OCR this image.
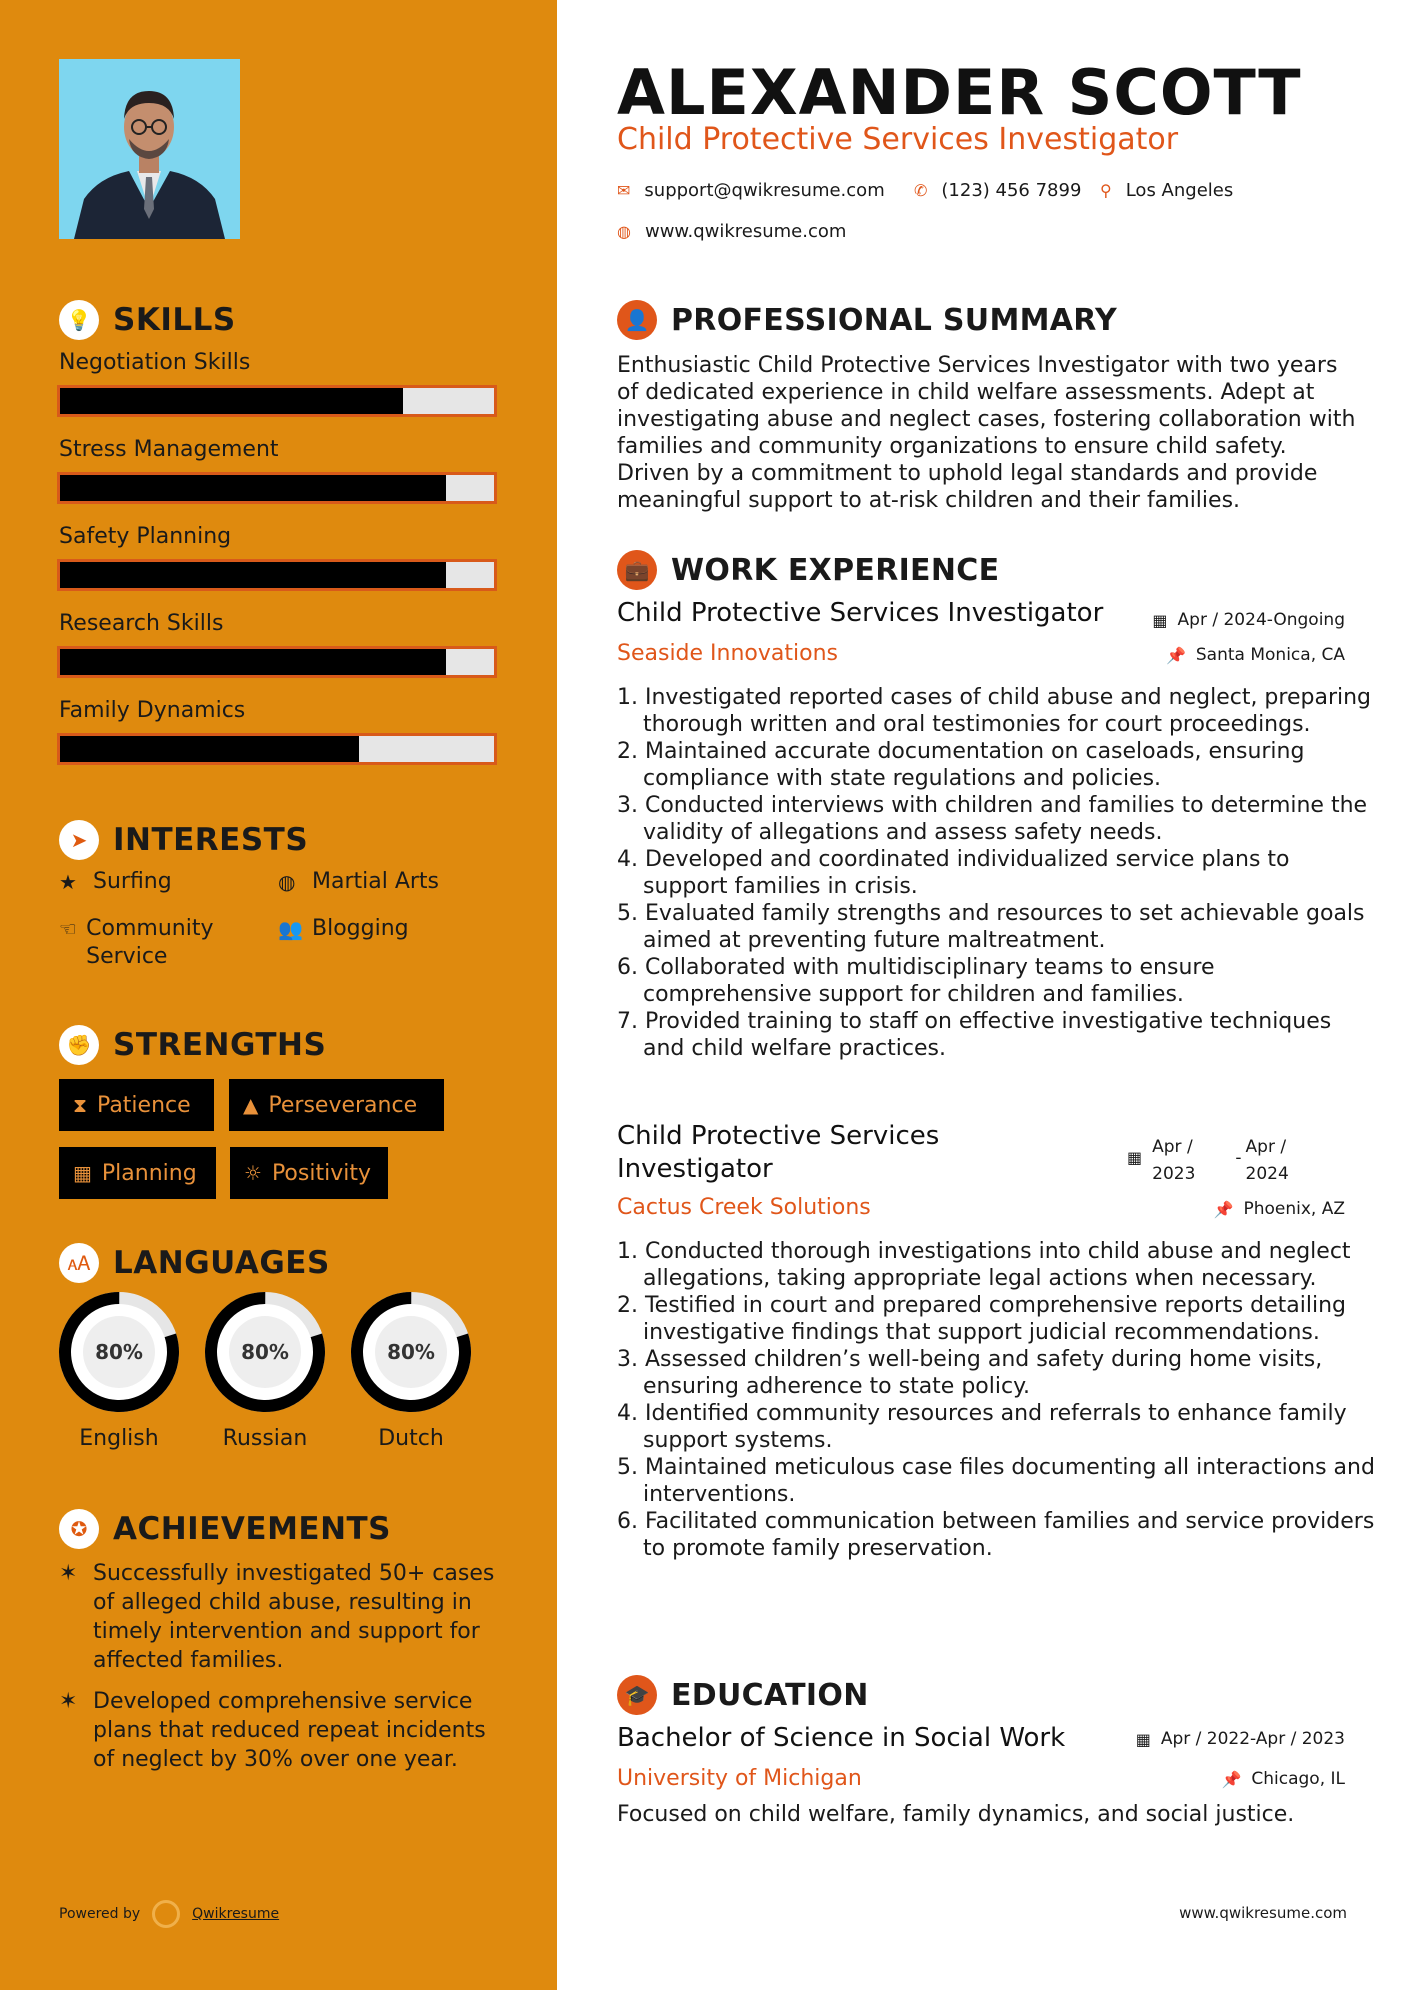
💡 SKILLS
Negotiation Skills
Stress Management
Safety Planning
Research Skills
Family Dynamics
➤ INTERESTS
★ Surfing	◍ Martial Arts
☜ Community Service
👥 Blogging
✊ STRENGTHS
⧗ Patience	▲ Perseverance
▦ Planning ☼ Positivity
🗚 LANGUAGES
80%
English
80%
Russian
80%
Dutch
✪ ACHIEVEMENTS
✶ Successfully investigated 50+ cases of alleged child abuse, resulting in timely intervention and support for affected families.
✶ Developed comprehensive service plans that reduced repeat incidents of neglect by 30% over one year.
Powered by	Qwikresume
ALEXANDER SCOTT
Child Protective Services Investigator
✉ support@qwikresume.com ✆ (123) 456 7899 ⚲ Los Angeles
◍ www.qwikresume.com
👤 PROFESSIONAL SUMMARY
Enthusiastic Child Protective Services Investigator with two years of dedicated experience in child welfare assessments. Adept at investigating abuse and neglect cases, fostering collaboration with families and community organizations to ensure child safety. Driven by a commitment to uphold legal standards and provide meaningful support to at-risk children and their families.
💼 WORK EXPERIENCE
Child Protective Services Investigator	▦ Apr / 2024-Ongoing
Seaside Innovations	📌 Santa Monica, CA
1. Investigated reported cases of child abuse and neglect, preparing thorough written and oral testimonies for court proceedings.
2. Maintained accurate documentation on caseloads, ensuring compliance with state regulations and policies.
3. Conducted interviews with children and families to determine the validity of allegations and assess safety needs.
4. Developed and coordinated individualized service plans to support families in crisis.
5. Evaluated family strengths and resources to set achievable goals aimed at preventing future maltreatment.
6. Collaborated with multidisciplinary teams to ensure comprehensive support for children and families.
7. Provided training to staff on effective investigative techniques and child welfare practices.
Child Protective Services
Investigator	▦
Apr /
2023
-
Apr /
2024
Cactus Creek Solutions	📌 Phoenix, AZ
1. Conducted thorough investigations into child abuse and neglect allegations, taking appropriate legal actions when necessary.
2. Testified in court and prepared comprehensive reports detailing investigative findings that support judicial recommendations.
3. Assessed children’s well-being and safety during home visits, ensuring adherence to state policy.
4. Identified community resources and referrals to enhance family support systems.
5. Maintained meticulous case files documenting all interactions and interventions.
6. Facilitated communication between families and service providers to promote family preservation.
🎓 EDUCATION
Bachelor of Science in Social Work	▦ Apr / 2022-Apr / 2023
University of Michigan	📌 Chicago, IL
Focused on child welfare, family dynamics, and social justice.
www.qwikresume.com
